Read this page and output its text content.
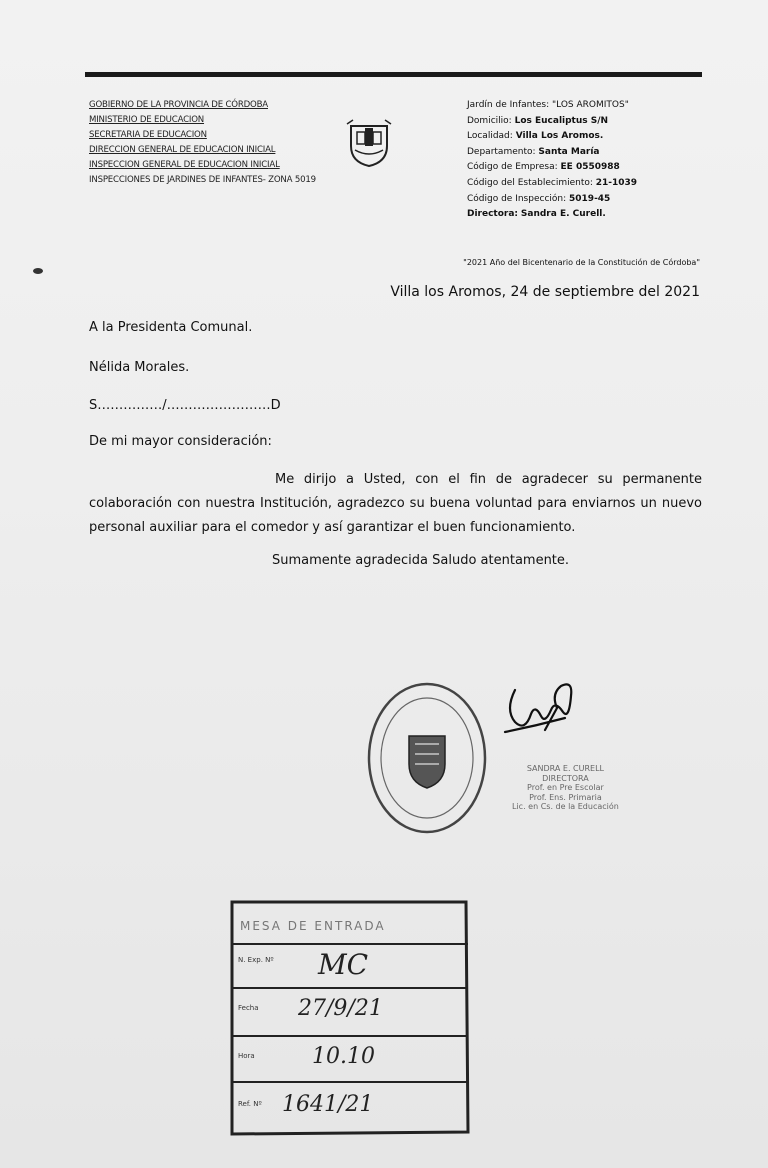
GOBIERNO DE LA PROVINCIA DE CÓRDOBA
MINISTERIO DE EDUCACION
SECRETARIA DE EDUCACION
DIRECCION GENERAL DE EDUCACION INICIAL
INSPECCION GENERAL DE EDUCACION INICIAL
INSPECCIONES DE JARDINES DE INFANTES- ZONA 5019
Jardín de Infantes: "LOS AROMITOS"
Domicilio: Los Eucaliptus S/N
Localidad: Villa Los Aromos.
Departamento: Santa María
Código de Empresa: EE 0550988
Código del Establecimiento: 21-1039
Código de Inspección: 5019-45
Directora: Sandra E. Curell.
"2021 Año del Bicentenario de la Constitución de Córdoba"
Villa los Aromos, 24 de septiembre del 2021
A la Presidenta Comunal.
Nélida Morales.
S……………/……………………D
De mi mayor consideración:
Me dirijo a Usted, con el fin de agradecer su permanente colaboración con nuestra Institución, agradezco su buena voluntad para enviarnos un nuevo personal auxiliar para el comedor y así garantizar el buen funcionamiento.
Sumamente agradecida Saludo atentamente.
SANDRA E. CURELL
DIRECTORA
Prof. en Pre Escolar
Prof. Ens. Primaria
Lic. en Cs. de la Educación
MESA DE ENTRADA
N. Exp. Nº MC
Fecha 27/9/21
Hora	10.10
Ref. Nº 1641/21
